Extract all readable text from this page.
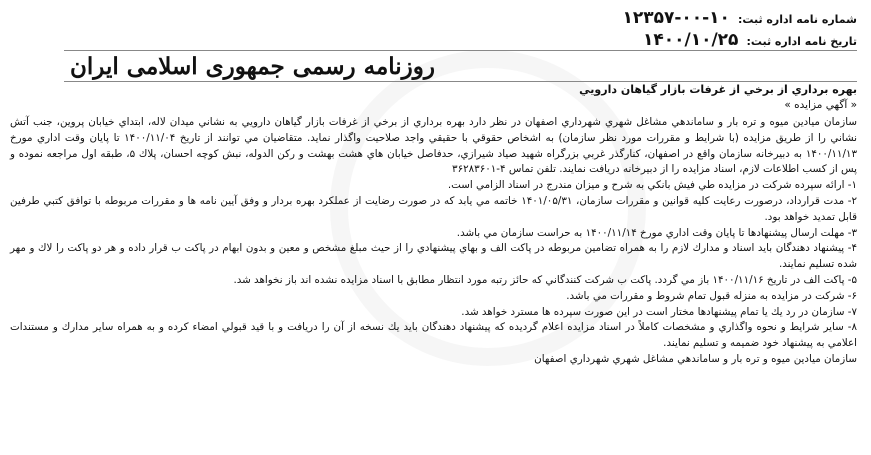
شماره نامه اداره ثبت:
۱۲۳۵۷-۰۰-۱۰
تاریخ نامه اداره ثبت:
۱۴۰۰/۱۰/۲۵
روزنامه رسمی جمهوری اسلامی ایران
بهره برداري از برخي از غرفات بازار گياهان دارويي
« آگهي مزايده »

سازمان ميادين ميوه و تره بار و ساماندهي مشاغل شهري شهرداري اصفهان در نظر دارد بهره برداري از برخي از غرفات بازار گياهان دارويي به نشاني ميدان لاله، ابتداي خيابان پروين، جنب آتش نشاني را از طريق مزايده (با شرايط و مقررات مورد نظر سازمان) به اشخاص حقوقي با حقيقي واجد صلاحيت واگذار نمايد. متقاضيان مي توانند از تاريخ ۱۴۰۰/۱۱/۰۴ تا پايان وقت اداري مورخ ۱۴۰۰/۱۱/۱۳ به دبيرخانه سازمان واقع در اصفهان، كنارگذر غربي بزرگراه شهيد صياد شيرازي، حدفاصل خيابان هاي هشت بهشت و ركن الدوله، نبش كوچه احسان، پلاك ۵، طبقه اول مراجعه نموده و پس از كسب اطلاعات لازم، اسناد مزايده را از دبيرخانه دريافت نمايند. تلفن تماس ۴-۳۶۲۸۳۶۰۱

۱- ارائه سپرده شركت در مزايده طي فيش بانكي به شرح و ميزان مندرج در اسناد الزامي است.

۲- مدت قرارداد، درصورت رعايت كليه قوانين و مقررات سازمان، ۱۴۰۱/۰۵/۳۱ خاتمه مي يابد كه در صورت رضايت از عملكرد بهره بردار و وفق آيين نامه ها و مقررات مربوطه با توافق كتبي طرفين قابل تمديد خواهد بود.

۳- مهلت ارسال پيشنهادها تا پايان وقت اداري مورخ ۱۴۰۰/۱۱/۱۴ به حراست سازمان مي باشد.

۴- پيشنهاد دهندگان بايد اسناد و مدارك لازم را به همراه تضامين مربوطه در پاكت الف و بهاي پيشنهادي را از حيث مبلغ مشخص و معين و بدون ابهام در پاكت ب قرار داده و هر دو پاكت را لاك و مهر شده تسليم نمايند.

۵- پاكت الف در تاريخ ۱۴۰۰/۱۱/۱۶ باز مي گردد. پاكت ب شركت كنندگاني كه حائز رتبه مورد انتظار مطابق با اسناد مزايده نشده اند باز نخواهد شد.

۶- شركت در مزايده به منزله قبول تمام شروط و مقررات مي باشد.

۷- سازمان در رد يك يا تمام پيشنهادها مختار است در اين صورت سپرده ها مسترد خواهد شد.

۸- ساير شرايط و نحوه واگذاري و مشخصات كاملاً در اسناد مزايده اعلام گرديده كه پيشنهاد دهندگان بايد يك نسخه از آن را دريافت و با قيد قبولي امضاء كرده و به همراه ساير مدارك و مستندات اعلامي به پيشنهاد خود ضميمه و تسليم نمايند.

سازمان ميادين ميوه و تره بار و ساماندهي مشاغل شهري شهرداري اصفهان
